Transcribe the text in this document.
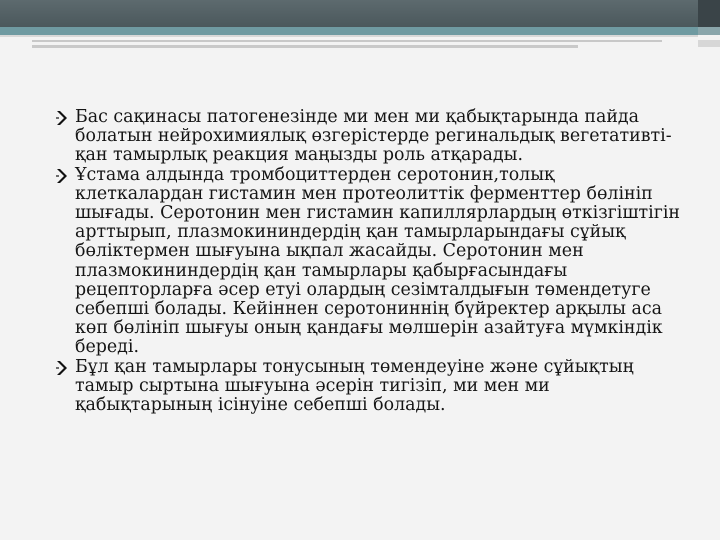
Бас сақинасы патогенезінде ми мен ми қабықтарында пайда болатын нейрохимиялық өзгерістерде регинальдық вегетативті-қан тамырлық реакция маңызды роль атқарады.
Ұстама алдында тромбоциттерден серотонин,толық клеткалардан гистамин мен протеолиттік ферменттер бөлініп шығады. Серотонин мен гистамин капиллярлардың өткізгіштігін арттырып, плазмокининдердің қан тамырларындағы сұйық бөліктермен шығуына ықпал жасайды. Серотонин мен плазмокининдердің қан тамырлары қабырғасындағы рецепторларға әсер етуі олардың сезімталдығын төмендетуге себепші болады. Кейіннен серотониннің бүйректер арқылы аса көп бөлініп шығуы оның қандағы мөлшерін азайтуға мүмкіндік береді.
Бұл қан тамырлары тонусының төмендеуіне және сұйықтың тамыр сыртына шығуына әсерін тигізіп, ми мен ми қабықтарының ісінуіне себепші болады.
